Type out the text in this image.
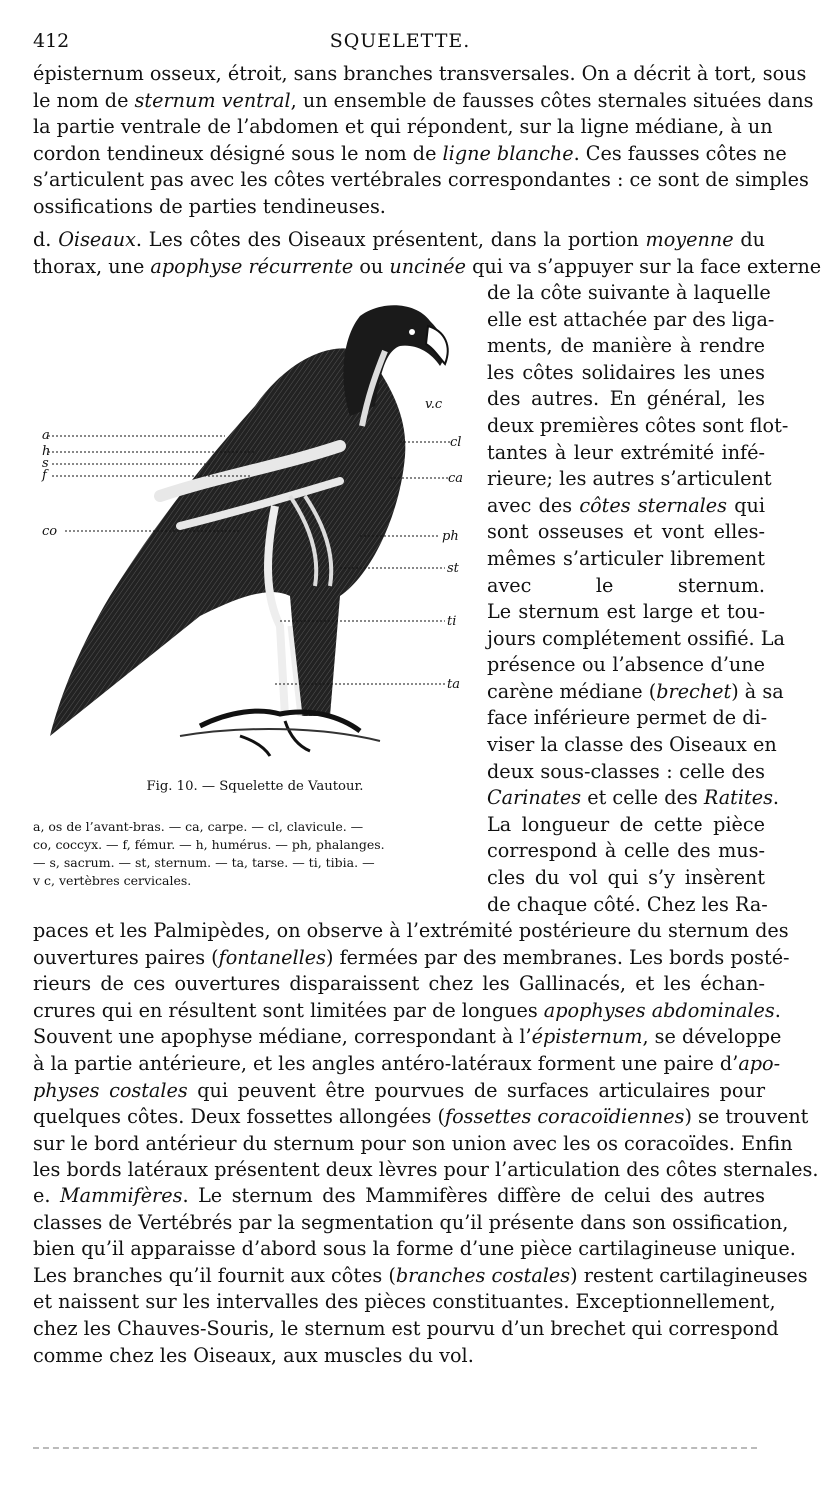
412	SQUELETTE.
épisternum osseux, étroit, sans branches transversales. On a décrit à tort, sous
le nom de sternum ventral, un ensemble de fausses côtes sternales situées dans
la partie ventrale de l’abdomen et qui répondent, sur la ligne médiane, à un
cordon tendineux désigné sous le nom de ligne blanche. Ces fausses côtes ne
s’articulent pas avec les côtes vertébrales correspondantes : ce sont de simples
ossifications de parties tendineuses.
d. Oiseaux. Les côtes des Oiseaux présentent, dans la portion moyenne du
thorax, une apophyse récurrente ou uncinée qui va s’appuyer sur la face externe
de la côte suivante à laquelle
elle est attachée par des liga-
ments, de manière à rendre
les côtes solidaires les unes
des autres. En général, les
deux premières côtes sont flot-
tantes à leur extrémité infé-
rieure; les autres s’articulent
avec des côtes sternales qui
sont osseuses et vont elles-
mêmes s’articuler librement
avec le sternum.
Le sternum est large et tou-
jours complétement ossifié. La
présence ou l’absence d’une
carène médiane (brechet) à sa
face inférieure permet de di-
viser la classe des Oiseaux en
deux sous-classes : celle des
Carinates et celle des Ratites.
La longueur de cette pièce
correspond à celle des mus-
cles du vol qui s’y insèrent
de chaque côté. Chez les Ra-
paces et les Palmipèdes, on observe à l’extrémité postérieure du sternum des
ouvertures paires (fontanelles) fermées par des membranes. Les bords posté-
rieurs de ces ouvertures disparaissent chez les Gallinacés, et les échan-
crures qui en résultent sont limitées par de longues apophyses abdominales.
Souvent une apophyse médiane, correspondant à l’épisternum, se développe
à la partie antérieure, et les angles antéro-latéraux forment une paire d’apo-
physes costales qui peuvent être pourvues de surfaces articulaires pour
quelques côtes. Deux fossettes allongées (fossettes coracoïdiennes) se trouvent
sur le bord antérieur du sternum pour son union avec les os coracoïdes. Enfin
les bords latéraux présentent deux lèvres pour l’articulation des côtes sternales.
e. Mammifères. Le sternum des Mammifères diffère de celui des autres
classes de Vertébrés par la segmentation qu’il présente dans son ossification,
bien qu’il apparaisse d’abord sous la forme d’une pièce cartilagineuse unique.
Les branches qu’il fournit aux côtes (branches costales) restent cartilagineuses
et naissent sur les intervalles des pièces constituantes. Exceptionnellement,
chez les Chauves-Souris, le sternum est pourvu d’un brechet qui correspond
comme chez les Oiseaux, aux muscles du vol.
a
h
s
f
co
v.c
cl
ca
ph
st
ti
ta
Fig. 10. — Squelette de Vautour.
a, os de l’avant-bras. — ca, carpe. — cl, clavicule. —
co, coccyx. — f, fémur. — h, humérus. — ph, phalanges.
— s, sacrum. — st, sternum. — ta, tarse. — ti, tibia. —
v c, vertèbres cervicales.
